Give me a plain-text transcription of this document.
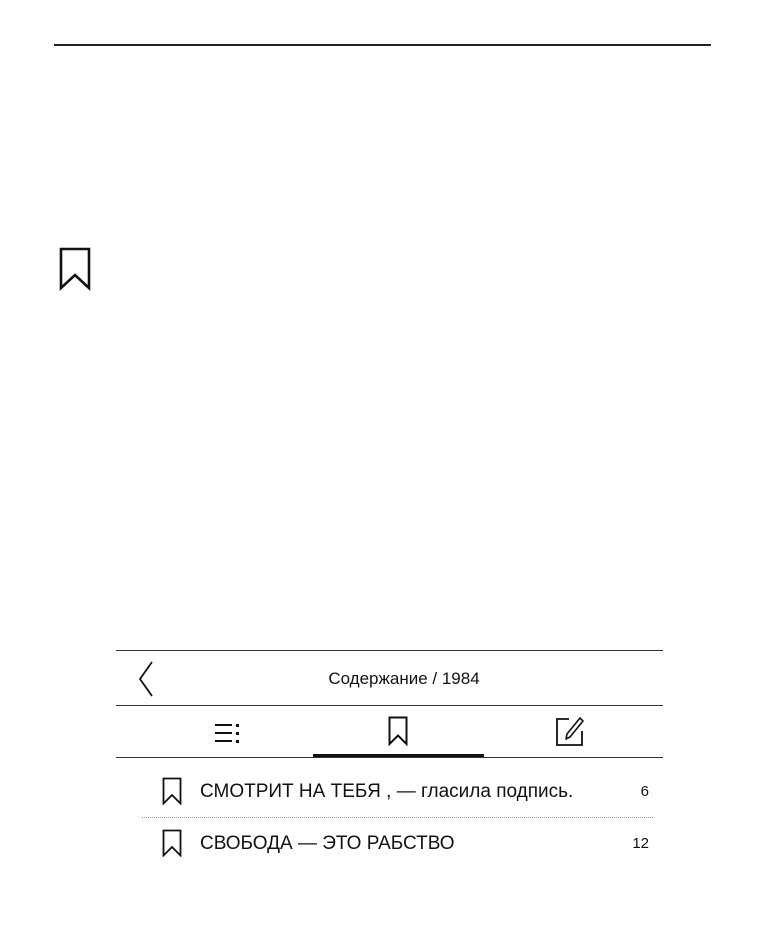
Содержание / 1984
СМОТРИТ НА ТЕБЯ , — гласила подпись.	6
СВОБОДА — ЭТО РАБСТВО	12
